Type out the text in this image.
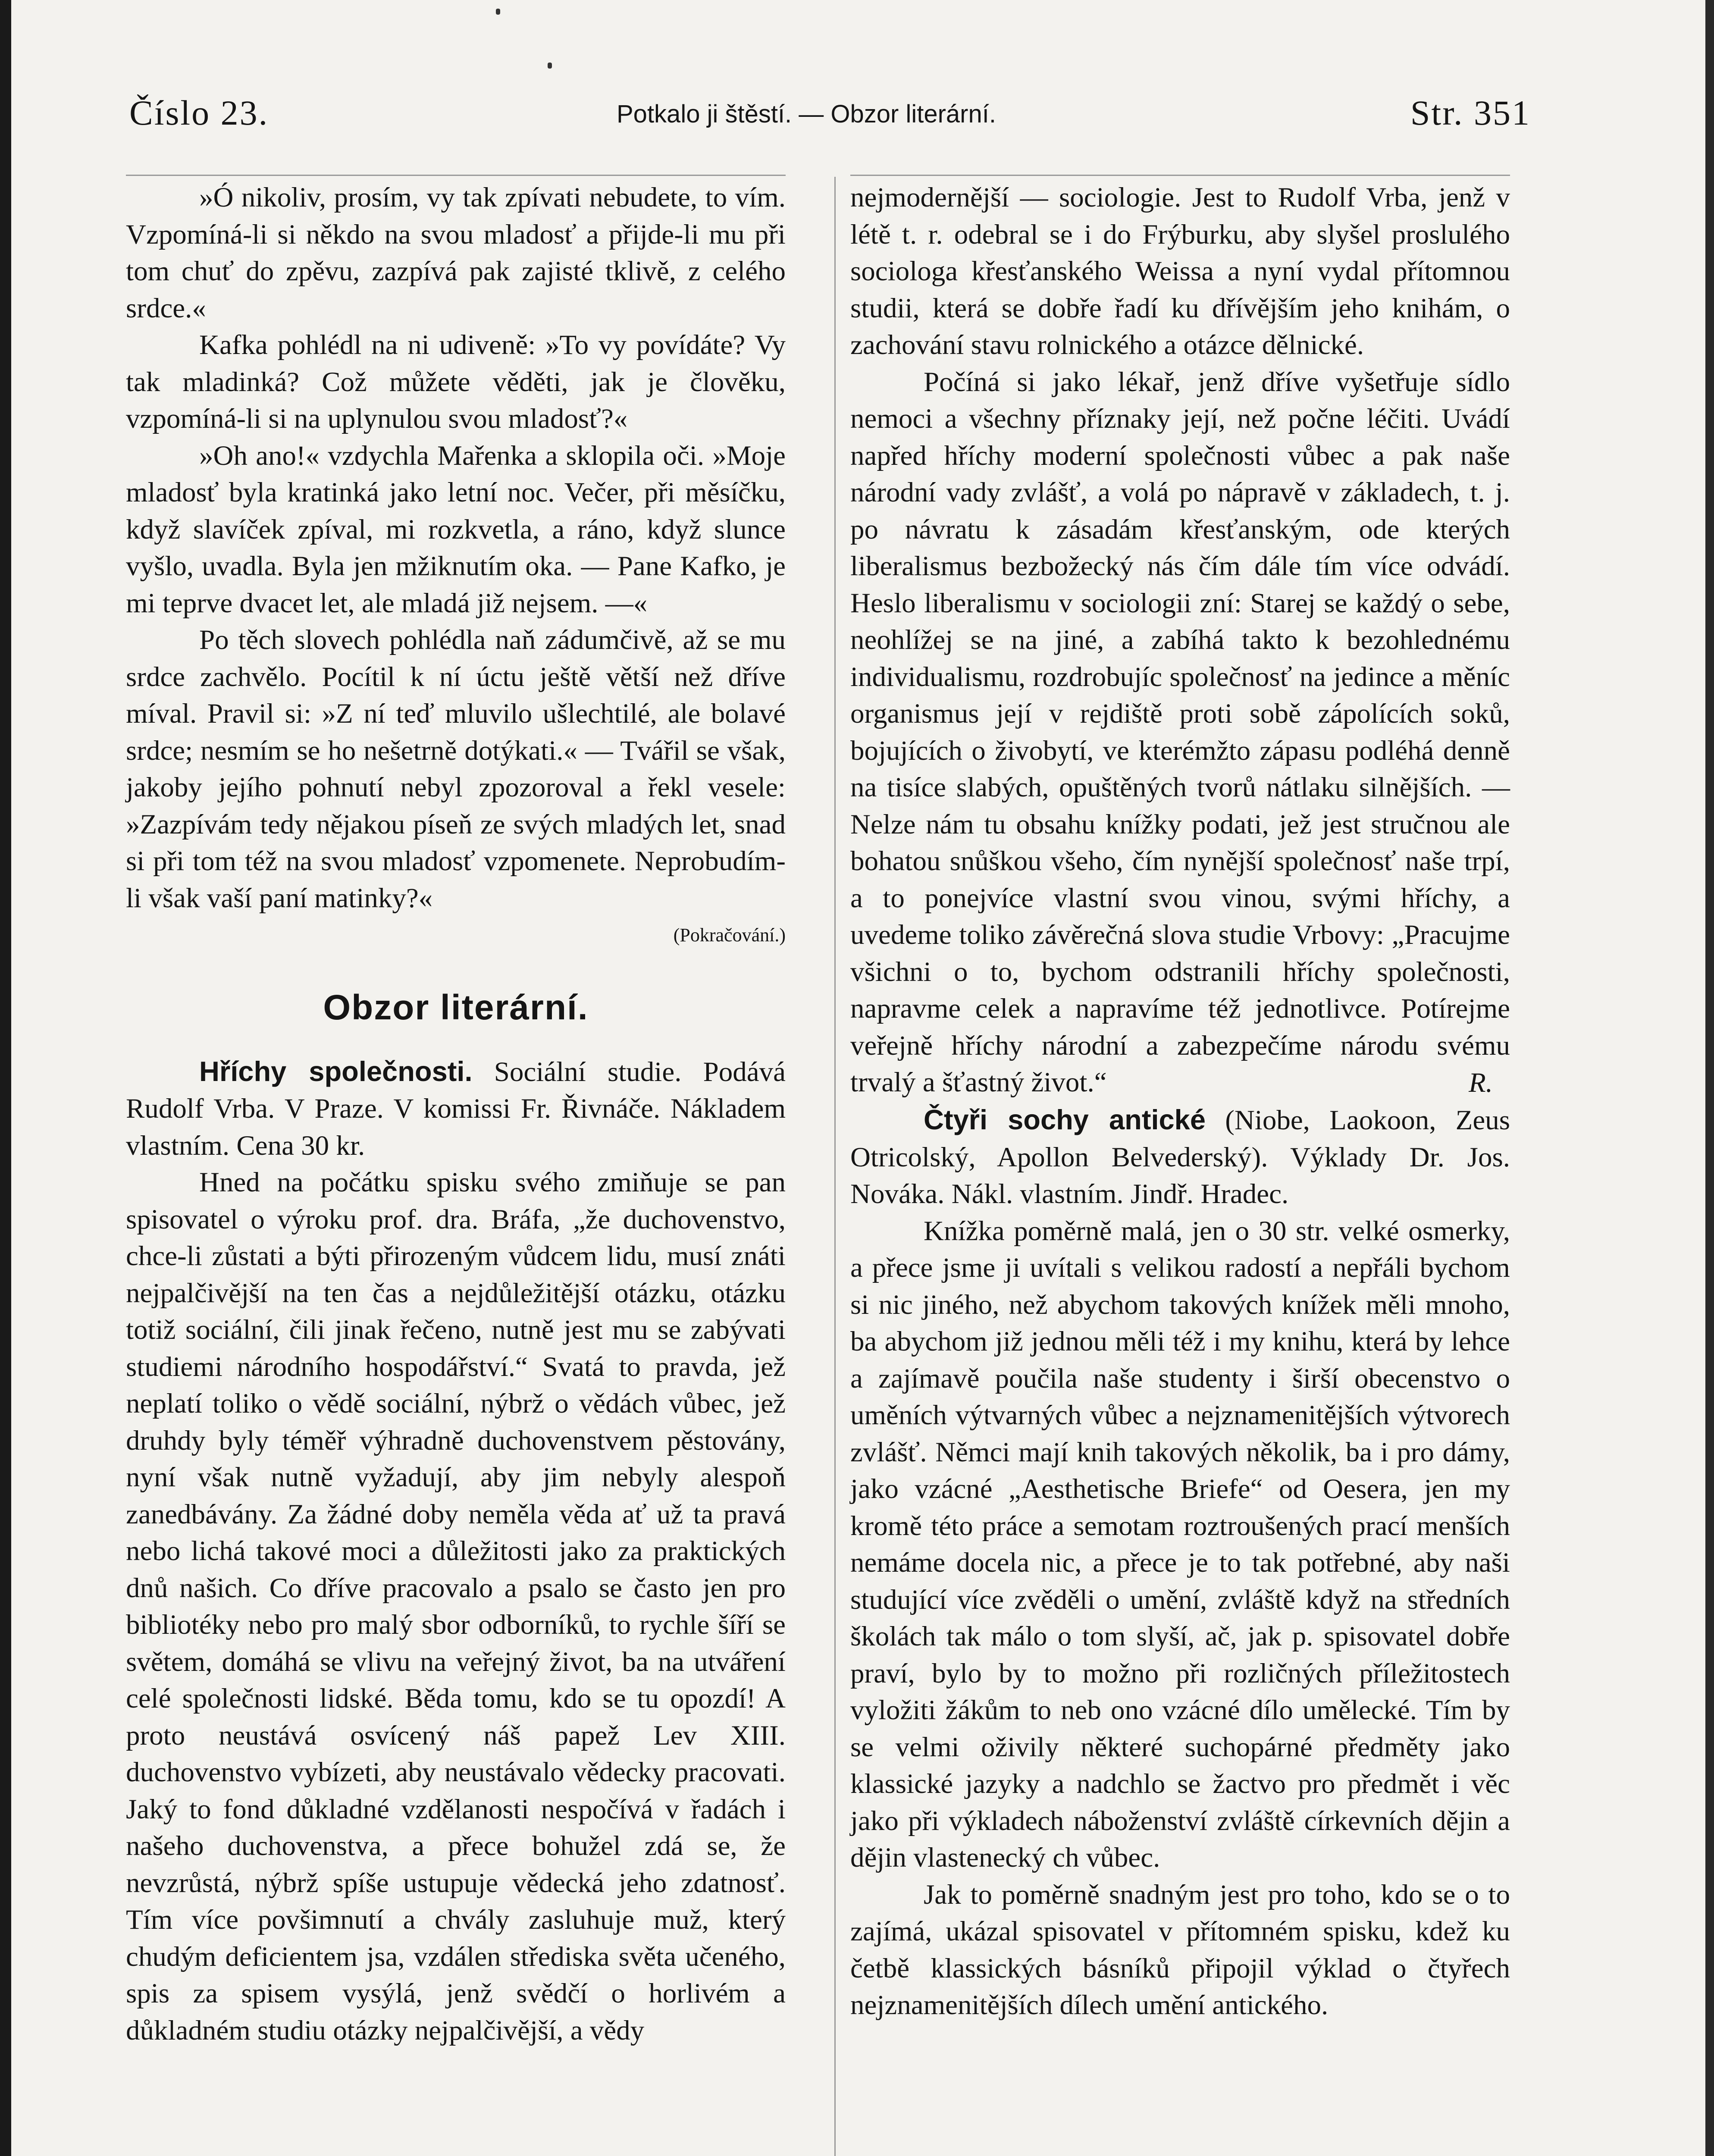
Číslo 23.	Potkalo ji štěstí. — Obzor literární.	Str. 351

»Ó nikoliv, prosím, vy tak zpívati nebudete, to vím. Vzpomíná-li si někdo na svou mladosť a přijde-li mu při tom chuť do zpěvu, zazpívá pak zajisté tklivě, z celého srdce.«

Kafka pohlédl na ni udiveně: »To vy povídáte? Vy tak mladinká? Což můžete věděti, jak je člověku, vzpomíná-li si na uplynulou svou mladosť?«

»Oh ano!« vzdychla Mařenka a sklopila oči. »Moje mladosť byla kratinká jako letní noc. Večer, při měsíčku, když slavíček zpíval, mi rozkvetla, a ráno, když slunce vyšlo, uvadla. Byla jen mžiknutím oka. — Pane Kafko, je mi teprve dvacet let, ale mladá již nejsem. —«

Po těch slovech pohlédla naň zádumčivě, až se mu srdce zachvělo. Pocítil k ní úctu ještě větší než dříve míval. Pravil si: »Z ní teď mluvilo ušlechtilé, ale bolavé srdce; nesmím se ho nešetrně dotýkati.« — Tvářil se však, jakoby jejího pohnutí nebyl zpozoroval a řekl vesele: »Zazpívám tedy nějakou píseň ze svých mladých let, snad si při tom též na svou mladosť vzpomenete. Neprobudím-li však vaší paní matinky?«

(Pokračování.)
Obzor literární.

Hříchy společnosti. Sociální studie. Podává Rudolf Vrba. V Praze. V komissi Fr. Řivnáče. Nákladem vlastním. Cena 30 kr.

Hned na počátku spisku svého zmiňuje se pan spisovatel o výroku prof. dra. Bráfa, „že duchovenstvo, chce-li zůstati a býti přirozeným vůdcem lidu, musí znáti nejpalčivější na ten čas a nejdůležitější otázku, otázku totiž sociální, čili jinak řečeno, nutně jest mu se zabývati studiemi národního hospodářství.“ Svatá to pravda, jež neplatí toliko o vědě sociální, nýbrž o vědách vůbec, jež druhdy byly téměř výhradně duchovenstvem pěstovány, nyní však nutně vyžadují, aby jim nebyly alespoň zanedbávány. Za žádné doby neměla věda ať už ta pravá nebo lichá takové moci a důležitosti jako za praktických dnů našich. Co dříve pracovalo a psalo se často jen pro bibliotéky nebo pro malý sbor odborníků, to rychle šíří se světem, domáhá se vlivu na veřejný život, ba na utváření celé společnosti lidské. Běda tomu, kdo se tu opozdí! A proto neustává osvícený náš papež Lev XIII. duchovenstvo vybízeti, aby neustávalo vědecky pracovati. Jaký to fond důkladné vzdělanosti nespočívá v řadách i našeho duchovenstva, a přece bohužel zdá se, že nevzrůstá, nýbrž spíše ustupuje vědecká jeho zdatnosť. Tím více povšimnutí a chvály zasluhuje muž, který chudým deficientem jsa, vzdálen střediska světa učeného, spis za spisem vysýlá, jenž svědčí o horlivém a důkladném studiu otázky nejpalčivější, a vědy

nejmodernější — sociologie. Jest to Rudolf Vrba, jenž v létě t. r. odebral se i do Frýburku, aby slyšel proslulého sociologa křesťanského Weissa a nyní vydal přítomnou studii, která se dobře řadí ku dřívějším jeho knihám, o zachování stavu rolnického a otázce dělnické.

Počíná si jako lékař, jenž dříve vyšetřuje sídlo nemoci a všechny příznaky její, než počne léčiti. Uvádí napřed hříchy moderní společnosti vůbec a pak naše národní vady zvlášť, a volá po nápravě v základech, t. j. po návratu k zásadám křesťanským, ode kterých liberalismus bezbožecký nás čím dále tím více odvádí. Heslo liberalismu v sociologii zní: Starej se každý o sebe, neohlížej se na jiné, a zabíhá takto k bezohlednému individualismu, rozdrobujíc společnosť na jedince a měníc organismus její v rejdiště proti sobě zápolících soků, bojujících o živobytí, ve kterémžto zápasu podléhá denně na tisíce slabých, opuštěných tvorů nátlaku silnějších. — Nelze nám tu obsahu knížky podati, jež jest stručnou ale bohatou snůškou všeho, čím nynější společnosť naše trpí, a to ponejvíce vlastní svou vinou, svými hříchy, a uvedeme toliko závěrečná slova studie Vrbovy: „Pracujme všichni o to, bychom odstranili hříchy společnosti, napravme celek a napravíme též jednotlivce. Potírejme veřejně hříchy národní a zabezpečíme národu svému trvalý a šťastný život.“	R.

Čtyři sochy antické (Niobe, Laokoon, Zeus Otricolský, Apollon Belvederský). Výklady Dr. Jos. Nováka. Nákl. vlastním. Jindř. Hradec.

Knížka poměrně malá, jen o 30 str. velké osmerky, a přece jsme ji uvítali s velikou radostí a nepřáli bychom si nic jiného, než abychom takových knížek měli mnoho, ba abychom již jednou měli též i my knihu, která by lehce a zajímavě poučila naše studenty i širší obecenstvo o uměních výtvarných vůbec a nejznamenitějších výtvorech zvlášť. Němci mají knih takových několik, ba i pro dámy, jako vzácné „Aesthetische Briefe“ od Oesera, jen my kromě této práce a semotam roztroušených prací menších nemáme docela nic, a přece je to tak potřebné, aby naši studující více zvěděli o umění, zvláště když na středních školách tak málo o tom slyší, ač, jak p. spisovatel dobře praví, bylo by to možno při rozličných příležitostech vyložiti žákům to neb ono vzácné dílo umělecké. Tím by se velmi oživily některé suchopárné předměty jako klassické jazyky a nadchlo se žactvo pro předmět i věc jako při výkladech náboženství zvláště církevních dějin a dějin vlastenecký ch vůbec.

Jak to poměrně snadným jest pro toho, kdo se o to zajímá, ukázal spisovatel v přítomném spisku, kdež ku četbě klassických básníků připojil výklad o čtyřech nejznamenitějších dílech umění antického.
